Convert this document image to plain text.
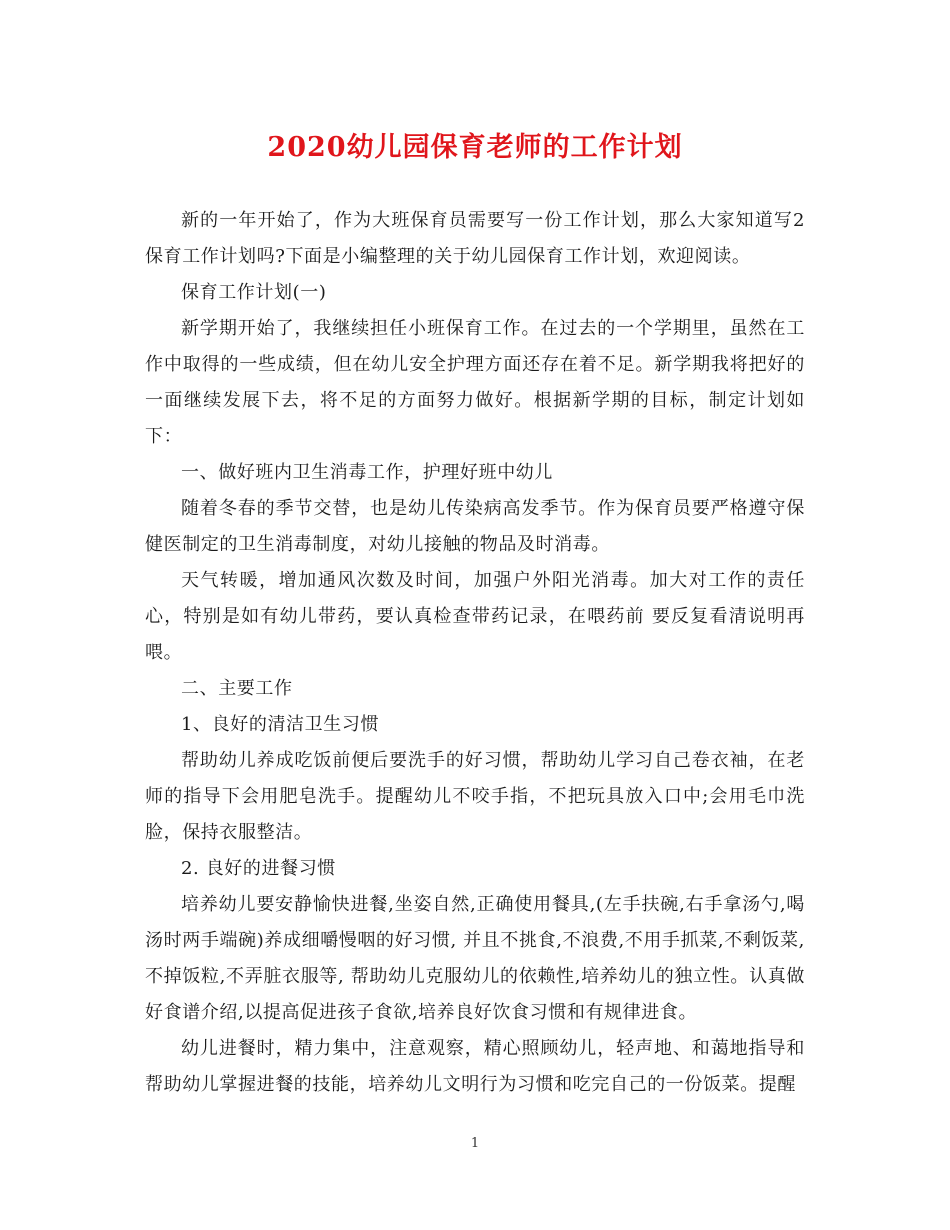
2020幼儿园保育老师的工作计划

新的一年开始了，作为大班保育员需要写一份工作计划，那么大家知道写2保育工作计划吗?下面是小编整理的关于幼儿园保育工作计划，欢迎阅读。

保育工作计划(一)

新学期开始了，我继续担任小班保育工作。在过去的一个学期里，虽然在工作中取得的一些成绩，但在幼儿安全护理方面还存在着不足。新学期我将把好的一面继续发展下去，将不足的方面努力做好。根据新学期的目标，制定计划如下：

一、做好班内卫生消毒工作，护理好班中幼儿

随着冬春的季节交替，也是幼儿传染病高发季节。作为保育员要严格遵守保健医制定的卫生消毒制度，对幼儿接触的物品及时消毒。

天气转暖，增加通风次数及时间，加强户外阳光消毒。加大对工作的责任心，特别是如有幼儿带药，要认真检查带药记录，在喂药前 要反复看清说明再喂。

二、主要工作

1、良好的清洁卫生习惯

帮助幼儿养成吃饭前便后要洗手的好习惯，帮助幼儿学习自己卷衣袖，在老师的指导下会用肥皂洗手。提醒幼儿不咬手指，不把玩具放入口中;会用毛巾洗脸，保持衣服整洁。

2. 良好的进餐习惯

培养幼儿要安静愉快进餐,坐姿自然,正确使用餐具,(左手扶碗,右手拿汤勺,喝汤时两手端碗)养成细嚼慢咽的好习惯, 并且不挑食,不浪费,不用手抓菜,不剩饭菜,不掉饭粒,不弄脏衣服等, 帮助幼儿克服幼儿的依赖性,培养幼儿的独立性。认真做好食谱介绍,以提高促进孩子食欲,培养良好饮食习惯和有规律进食。

幼儿进餐时，精力集中，注意观察，精心照顾幼儿，轻声地、和蔼地指导和帮助幼儿掌握进餐的技能，培养幼儿文明行为习惯和吃完自己的一份饭菜。提醒

1
